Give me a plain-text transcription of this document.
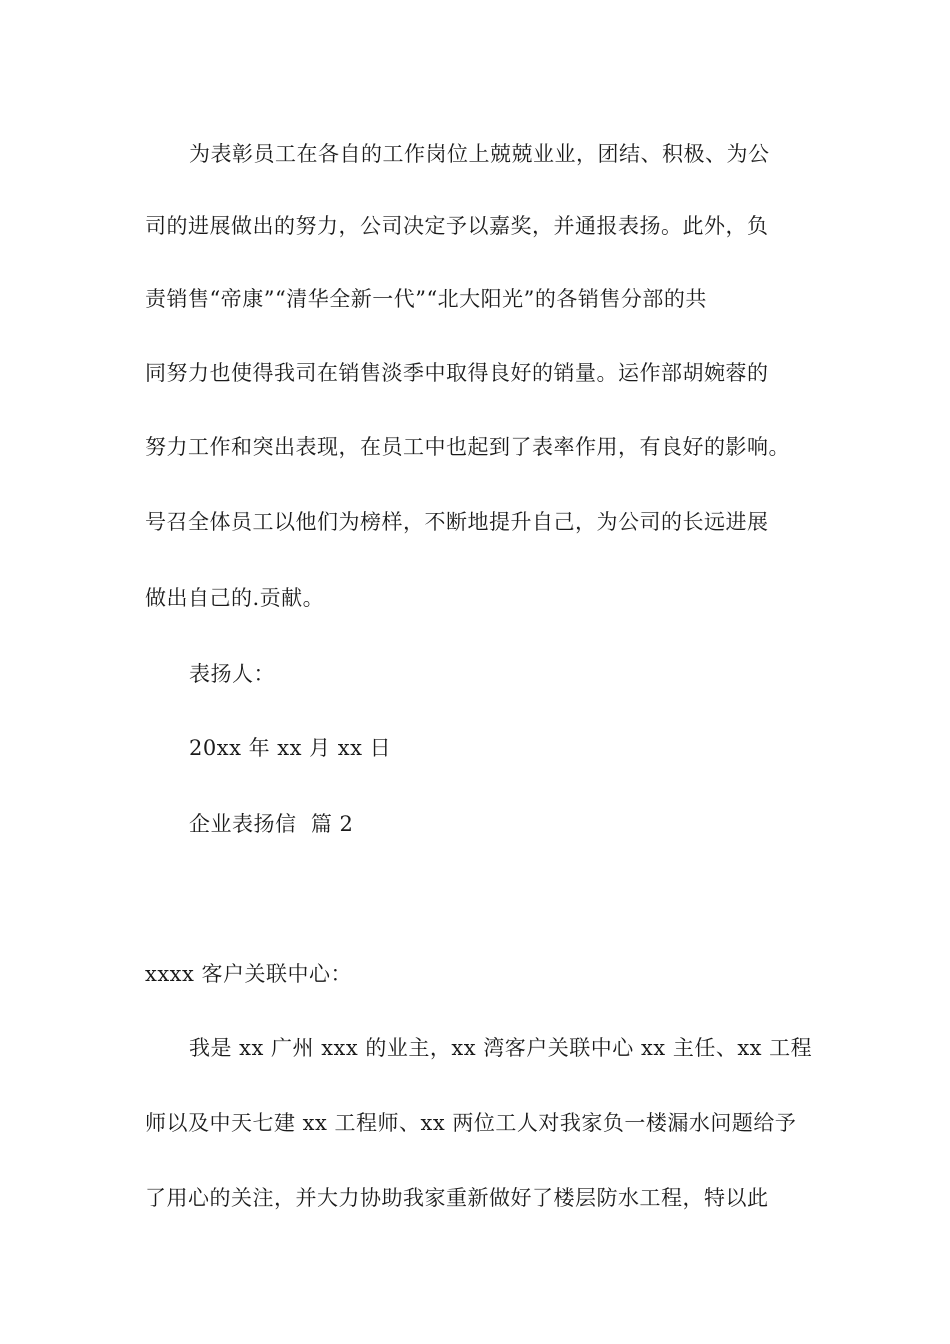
为表彰员工在各自的工作岗位上兢兢业业，团结、积极、为公
司的进展做出的努力，公司决定予以嘉奖，并通报表扬。此外，负
责销售“帝康”“清华全新一代”“北大阳光”的各销售分部的共
同努力也使得我司在销售淡季中取得良好的销量。运作部胡婉蓉的
努力工作和突出表现，在员工中也起到了表率作用，有良好的影响。
号召全体员工以他们为榜样，不断地提升自己，为公司的长远进展
做出自己的.贡献。
表扬人：
20xx 年 xx 月 xx 日
企业表扬信  篇 2
xxxx 客户关联中心：
我是 xx 广州 xxx 的业主，xx 湾客户关联中心 xx 主任、xx 工程
师以及中天七建 xx 工程师、xx 两位工人对我家负一楼漏水问题给予
了用心的关注，并大力协助我家重新做好了楼层防水工程，特以此
